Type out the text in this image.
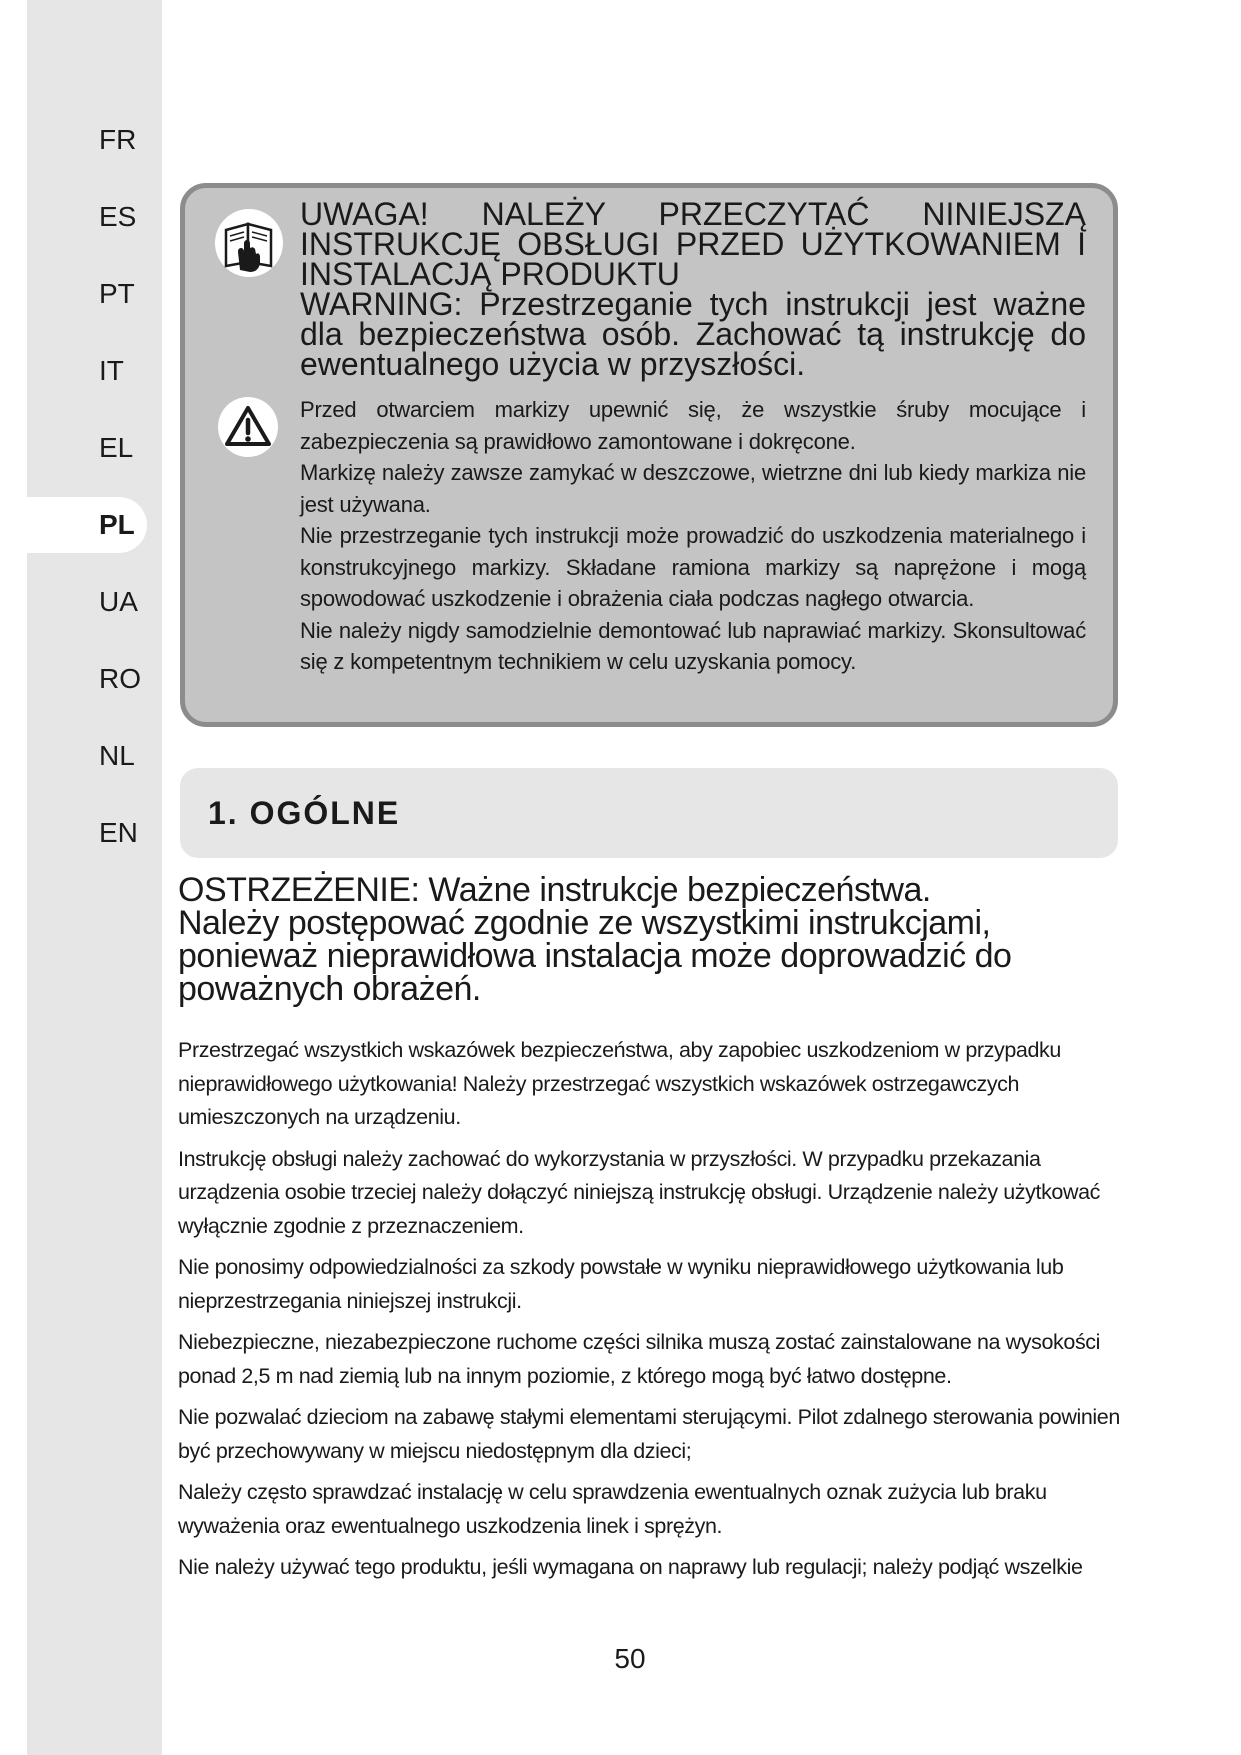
FR
ES
PT
IT
EL
PL
UA
RO
NL
EN

UWAGA! NALEŻY PRZECZYTAĆ NINIEJSZĄ INSTRUKCJĘ OBSŁUGI PRZED UŻYTKOWANIEM I INSTALACJĄ PRODUKTU

WARNING: Przestrzeganie tych instrukcji jest ważne dla bezpieczeństwa osób. Zachować tą instrukcję do ewentualnego użycia w przyszłości.

Przed otwarciem markizy upewnić się, że wszystkie śruby mocujące i zabezpieczenia są prawidłowo zamontowane i dokręcone.

Markizę należy zawsze zamykać w deszczowe, wietrzne dni lub kiedy markiza nie jest używana.

Nie przestrzeganie tych instrukcji może prowadzić do uszkodzenia materialnego i konstrukcyjnego markizy. Składane ramiona markizy są naprężone i mogą spowodować uszkodzenie i obrażenia ciała podczas nagłego otwarcia.

Nie należy nigdy samodzielnie demontować lub naprawiać markizy. Skonsultować się z kompetentnym technikiem w celu uzyskania pomocy.

1. OGÓLNE

OSTRZEŻENIE: Ważne instrukcje bezpieczeństwa.

Należy postępować zgodnie ze wszystkimi instrukcjami, ponieważ nieprawidłowa instalacja może doprowadzić do poważnych obrażeń.

Przestrzegać wszystkich wskazówek bezpieczeństwa, aby zapobiec uszkodzeniom w przypadku nieprawidłowego użytkowania! Należy przestrzegać wszystkich wskazówek ostrzegawczych umieszczonych na urządzeniu.

Instrukcję obsługi należy zachować do wykorzystania w przyszłości. W przypadku przekazania urządzenia osobie trzeciej należy dołączyć niniejszą instrukcję obsługi. Urządzenie należy użytkować wyłącznie zgodnie z przeznaczeniem.

Nie ponosimy odpowiedzialności za szkody powstałe w wyniku nieprawidłowego użytkowania lub nieprzestrzegania niniejszej instrukcji.

Niebezpieczne, niezabezpieczone ruchome części silnika muszą zostać zainstalowane na wysokości ponad 2,5 m nad ziemią lub na innym poziomie, z którego mogą być łatwo dostępne.

Nie pozwalać dzieciom na zabawę stałymi elementami sterującymi. Pilot zdalnego sterowania powinien być przechowywany w miejscu niedostępnym dla dzieci;

Należy często sprawdzać instalację w celu sprawdzenia ewentualnych oznak zużycia lub braku wyważenia oraz ewentualnego uszkodzenia linek i sprężyn.

Nie należy używać tego produktu, jeśli wymagana on naprawy lub regulacji; należy podjąć wszelkie

50
